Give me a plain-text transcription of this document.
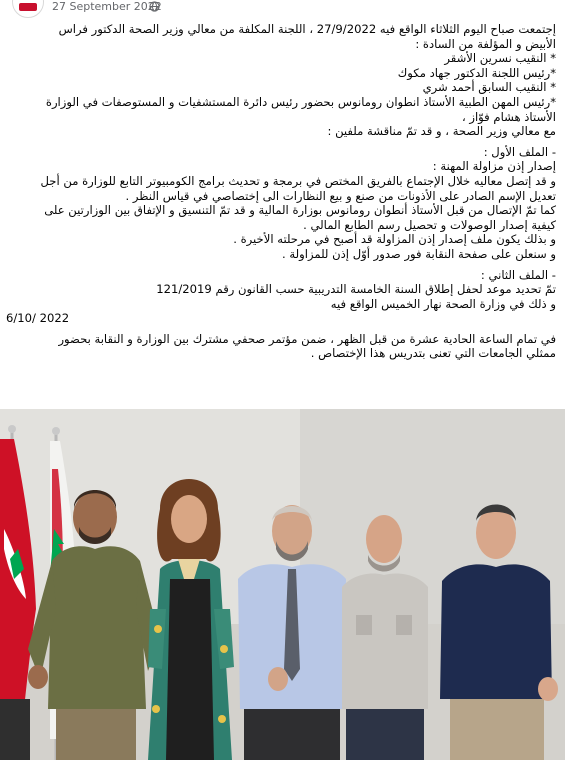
27 September 2022

إجتمعت صباح اليوم الثلاثاء الواقع فيه 27/9/2022 ، اللجنة المكلفة من معالي وزير الصحة الدكتور فراس

الأبيض و المؤلفة من السادة :

* النقيب نسرين الأشقر

*رئيس اللجنة الدكتور جهاد مكوك

* النقيب السابق أحمد شري

*رئيس المهن الطبية الأستاذ انطوان رومانوس بحضور رئيس دائرة المستشفيات و المستوصفات في الوزارة

الأستاذ هشام فوّاز ،

مع معالي وزير الصحة ، و قد تمّ مناقشة ملفين :

- الملف الأول :

إصدار إذن مزاولة المهنة :

و قد إتصل معاليه خلال الإجتماع بالفريق المختص في برمجة و تحديث برامج الكومبيوتر التابع للوزارة من أجل

تعديل الإسم الصادر على الأذونات من صنع و بيع النظارات الى إختصاصي في قياس النظر .

كما تمّ الإتصال من قبل الأستاذ أنطوان رومانوس بوزارة المالية و قد تمّ التنسيق و الإتفاق بين الوزارتين على

كيفية إصدار الوصولات و تحصيل رسم الطابع المالي .

و بذلك يكون ملف إصدار إذن المزاولة قد أصبح في مرحلته الأخيرة .

و سنعلن على صفحة النقابة فور صدور أوّل إذن للمزاولة .

- الملف الثاني :

تمّ تحديد موعد لحفل إطلاق السنة الخامسة التدريبية حسب القانون رقم 121/2019

و ذلك في وزارة الصحة نهار الخميس الواقع فيه

6/10/ 2022

في تمام الساعة الحادية عشرة من قبل الظهر ، ضمن مؤتمر صحفي مشترك بين الوزارة و النقابة بحضور

ممثلي الجامعات التي تعنى بتدريس هذا الإختصاص .
